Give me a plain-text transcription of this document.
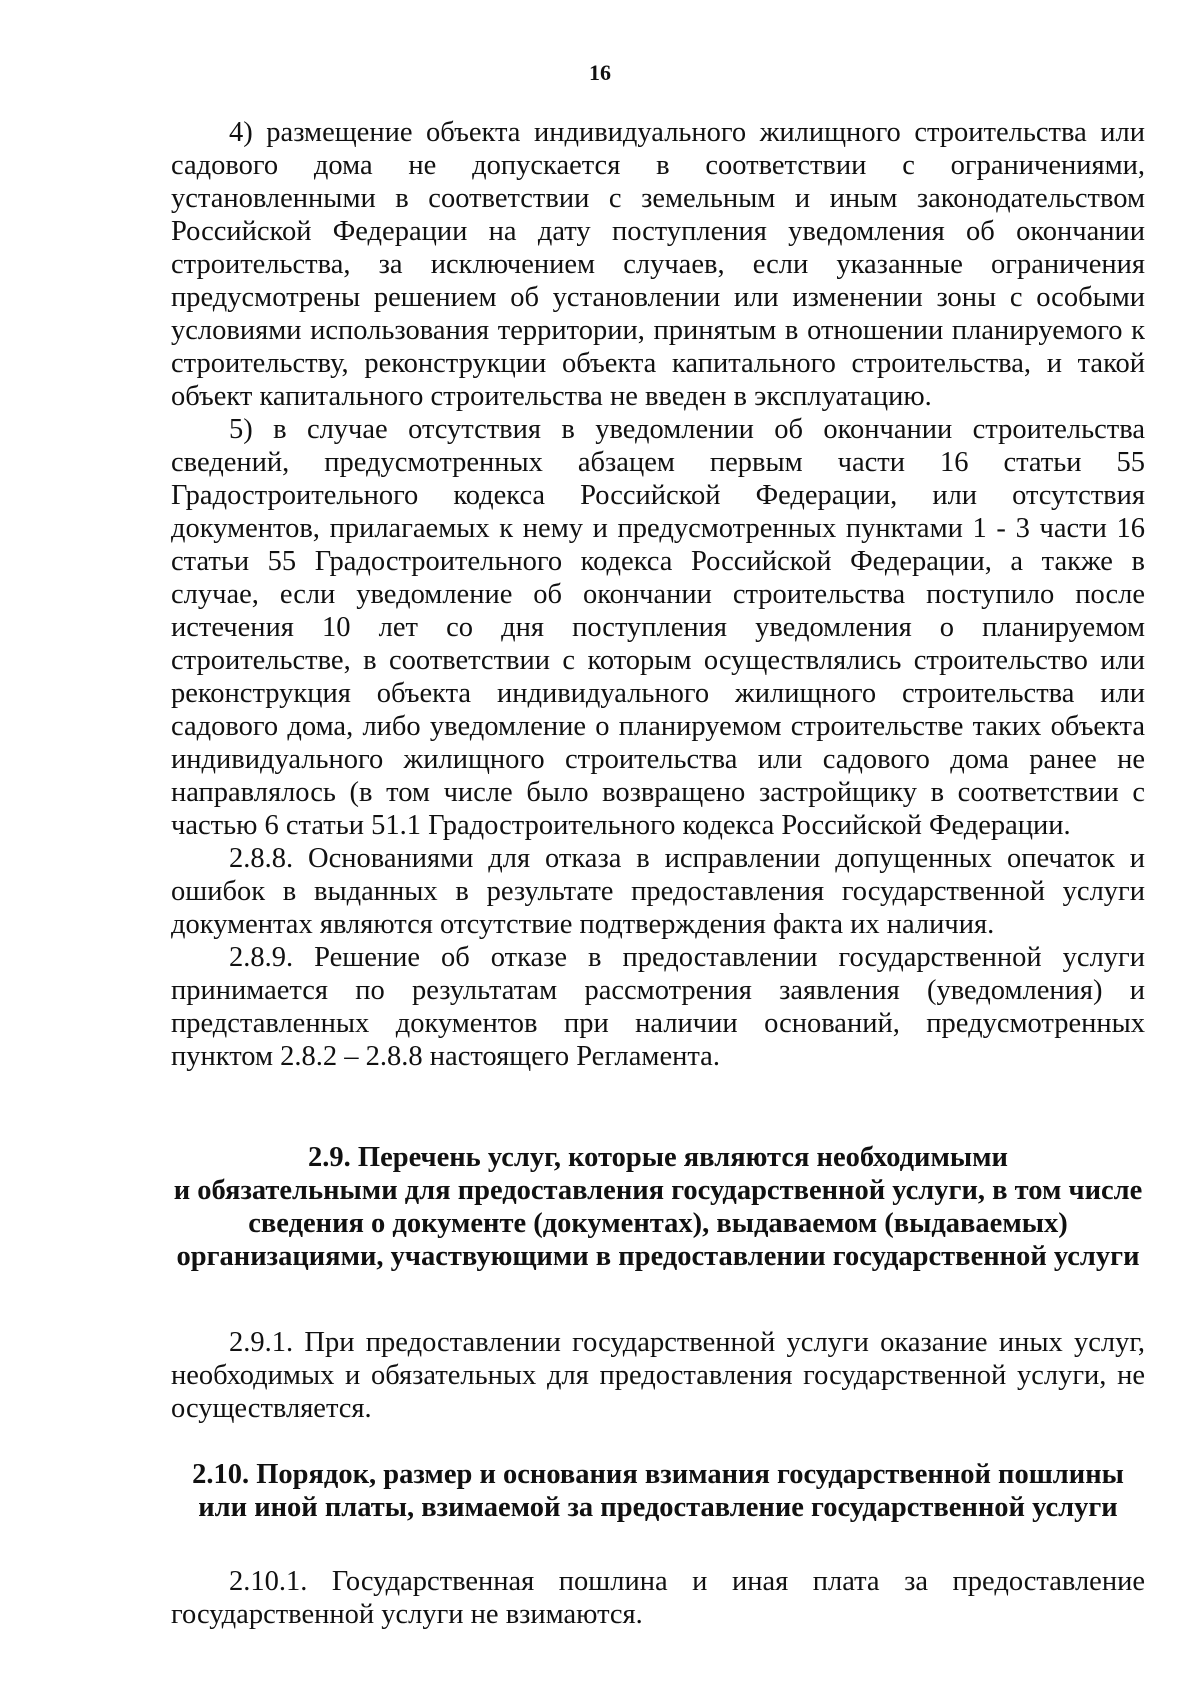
16

4) размещение объекта индивидуального жилищного строительства или садового дома не допускается в соответствии с ограничениями, установленными в соответствии с земельным и иным законодательством Российской Федерации на дату поступления уведомления об окончании строительства, за исключением случаев, если указанные ограничения предусмотрены решением об установлении или изменении зоны с особыми условиями использования территории, принятым в отношении планируемого к строительству, реконструкции объекта капитального строительства, и такой объект капитального строительства не введен в эксплуатацию.

5) в случае отсутствия в уведомлении об окончании строительства сведений, предусмотренных абзацем первым части 16 статьи 55 Градостроительного кодекса Российской Федерации, или отсутствия документов, прилагаемых к нему и предусмотренных пунктами 1 - 3 части 16 статьи 55 Градостроительного кодекса Российской Федерации, а также в случае, если уведомление об окончании строительства поступило после истечения 10 лет со дня поступления уведомления о планируемом строительстве, в соответствии с которым осуществлялись строительство или реконструкция объекта индивидуального жилищного строительства или садового дома, либо уведомление о планируемом строительстве таких объекта индивидуального жилищного строительства или садового дома ранее не направлялось (в том числе было возвращено застройщику в соответствии с частью 6 статьи 51.1 Градостроительного кодекса Российской Федерации.

2.8.8. Основаниями для отказа в исправлении допущенных опечаток и ошибок в выданных в результате предоставления государственной услуги документах являются отсутствие подтверждения факта их наличия.

2.8.9. Решение об отказе в предоставлении государственной услуги принимается по результатам рассмотрения заявления (уведомления) и представленных документов при наличии оснований, предусмотренных пунктом 2.8.2 – 2.8.8 настоящего Регламента.

2.9. Перечень услуг, которые являются необходимыми
и обязательными для предоставления государственной услуги, в том числе
сведения о документе (документах), выдаваемом (выдаваемых)
организациями, участвующими в предоставлении государственной услуги

2.9.1. При предоставлении государственной услуги оказание иных услуг, необходимых и обязательных для предоставления государственной услуги, не осуществляется.

2.10. Порядок, размер и основания взимания государственной пошлины
или иной платы, взимаемой за предоставление государственной услуги

2.10.1. Государственная пошлина и иная плата за предоставление государственной услуги не взимаются.
